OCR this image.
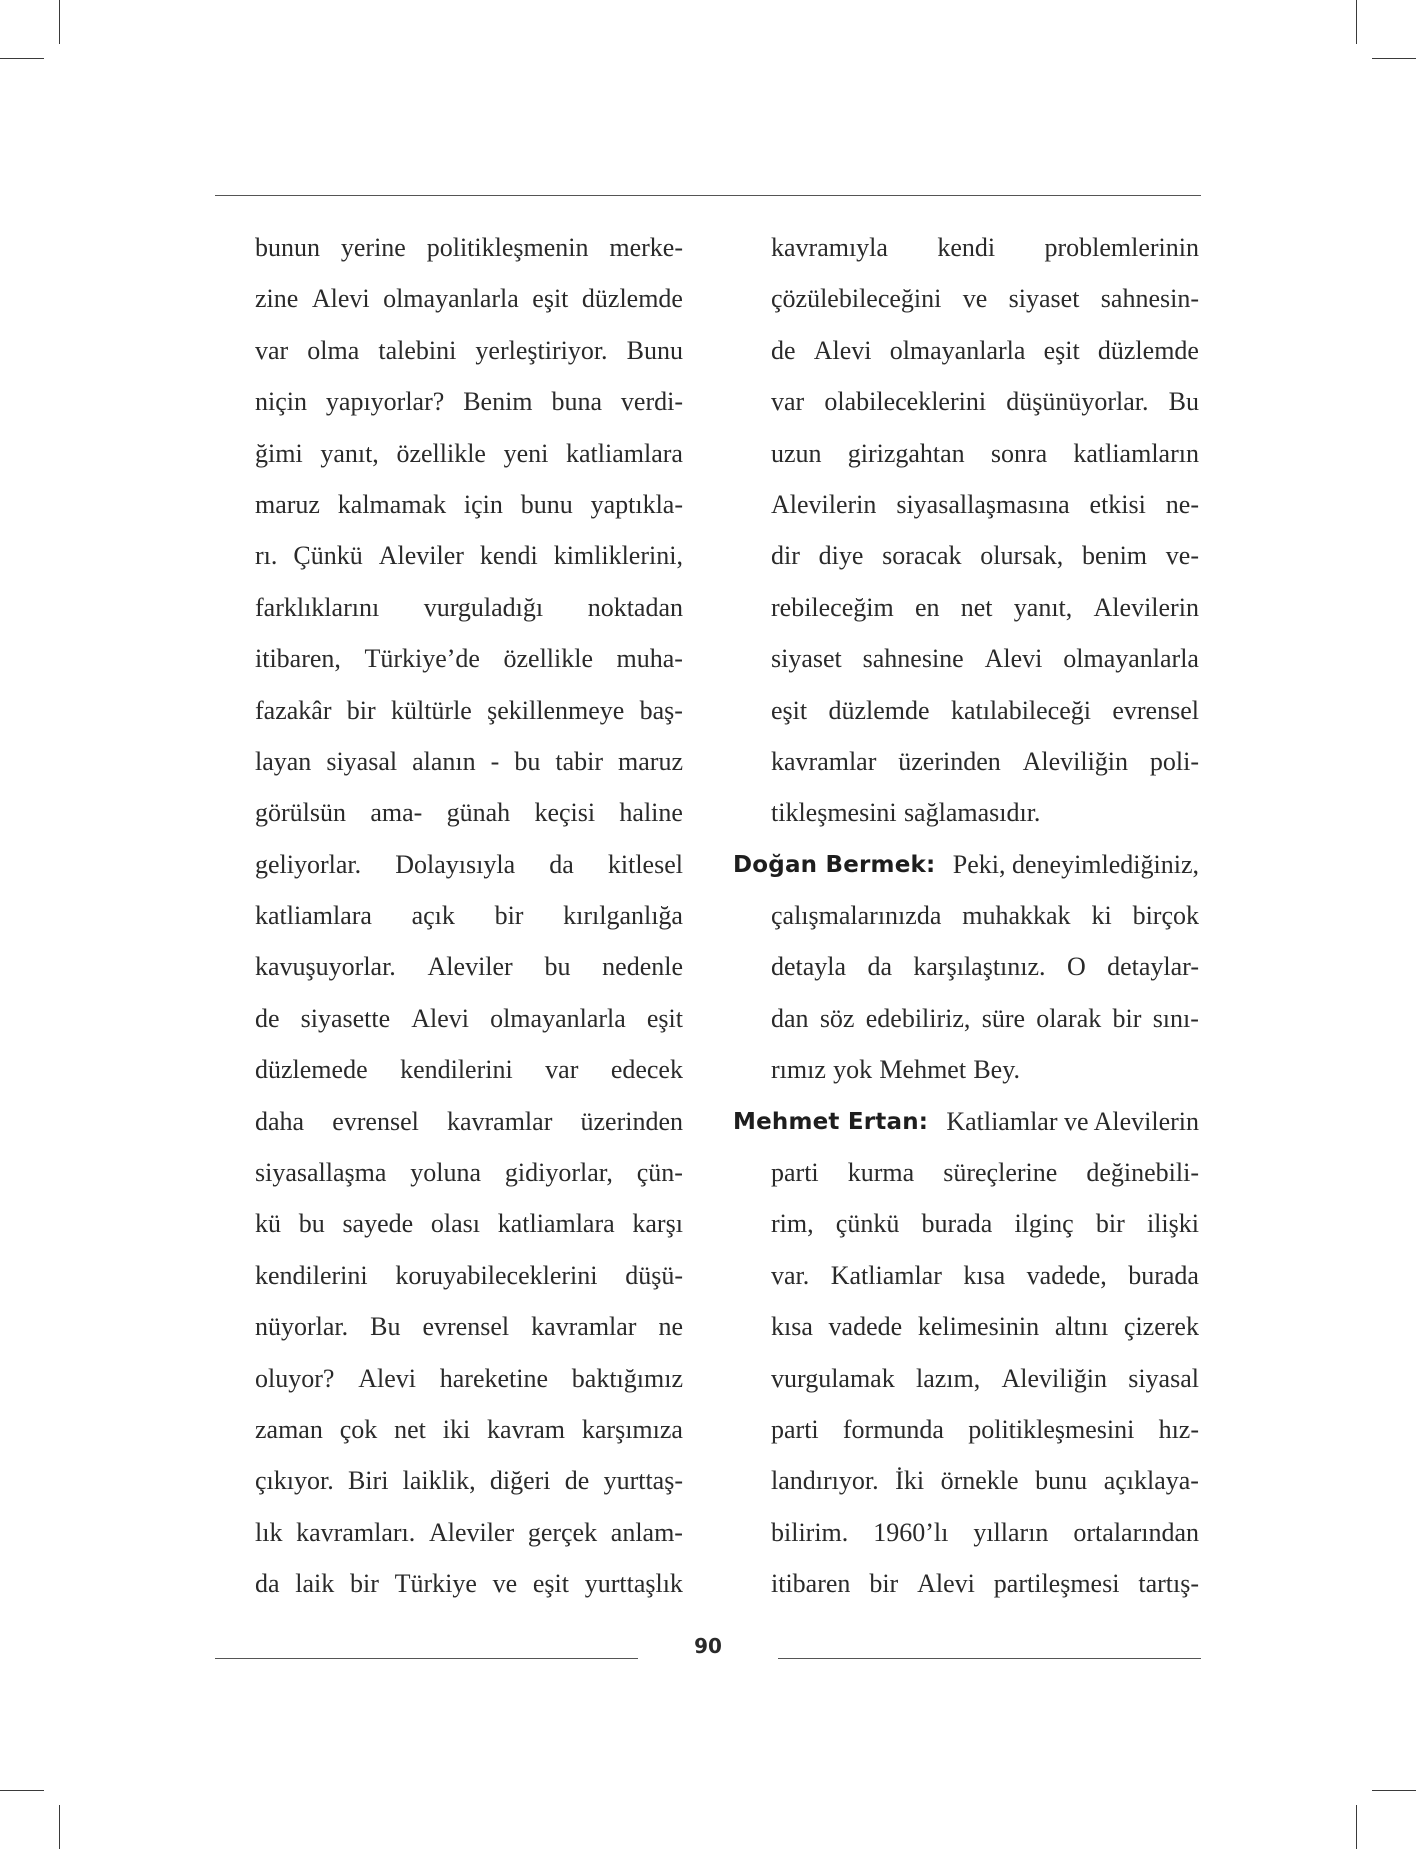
bunun yerine politikleşmenin merke-
zine Alevi olmayanlarla eşit düzlemde
var olma talebini yerleştiriyor. Bunu
niçin yapıyorlar? Benim buna verdi-
ğimi yanıt, özellikle yeni katliamlara
maruz kalmamak için bunu yaptıkla-
rı. Çünkü Aleviler kendi kimliklerini,
farklıklarını vurguladığı noktadan
itibaren, Türkiye’de özellikle muha-
fazakâr bir kültürle şekillenmeye baş-
layan siyasal alanın - bu tabir maruz
görülsün ama- günah keçisi haline
geliyorlar. Dolayısıyla da kitlesel
katliamlara açık bir kırılganlığa
kavuşuyorlar. Aleviler bu nedenle
de siyasette Alevi olmayanlarla eşit
düzlemede kendilerini var edecek
daha evrensel kavramlar üzerinden
siyasallaşma yoluna gidiyorlar, çün-
kü bu sayede olası katliamlara karşı
kendilerini koruyabileceklerini düşü-
nüyorlar. Bu evrensel kavramlar ne
oluyor? Alevi hareketine baktığımız
zaman çok net iki kavram karşımıza
çıkıyor. Biri laiklik, diğeri de yurttaş-
lık kavramları. Aleviler gerçek anlam-
da laik bir Türkiye ve eşit yurttaşlık
kavramıyla kendi problemlerinin
çözülebileceğini ve siyaset sahnesin-
de Alevi olmayanlarla eşit düzlemde
var olabileceklerini düşünüyorlar. Bu
uzun girizgahtan sonra katliamların
Alevilerin siyasallaşmasına etkisi ne-
dir diye soracak olursak, benim ve-
rebileceğim en net yanıt, Alevilerin
siyaset sahnesine Alevi olmayanlarla
eşit düzlemde katılabileceği evrensel
kavramlar üzerinden Aleviliğin poli-
tikleşmesini sağlamasıdır.
Doğan Bermek: Peki, deneyimlediğiniz,
çalışmalarınızda muhakkak ki birçok
detayla da karşılaştınız. O detaylar-
dan söz edebiliriz, süre olarak bir sını-
rımız yok Mehmet Bey.
Mehmet Ertan: Katliamlar ve Alevilerin
parti kurma süreçlerine değinebili-
rim, çünkü burada ilginç bir ilişki
var. Katliamlar kısa vadede, burada
kısa vadede kelimesinin altını çizerek
vurgulamak lazım, Aleviliğin siyasal
parti formunda politikleşmesini hız-
landırıyor. İki örnekle bunu açıklaya-
bilirim. 1960’lı yılların ortalarından
itibaren bir Alevi partileşmesi tartış-
90
